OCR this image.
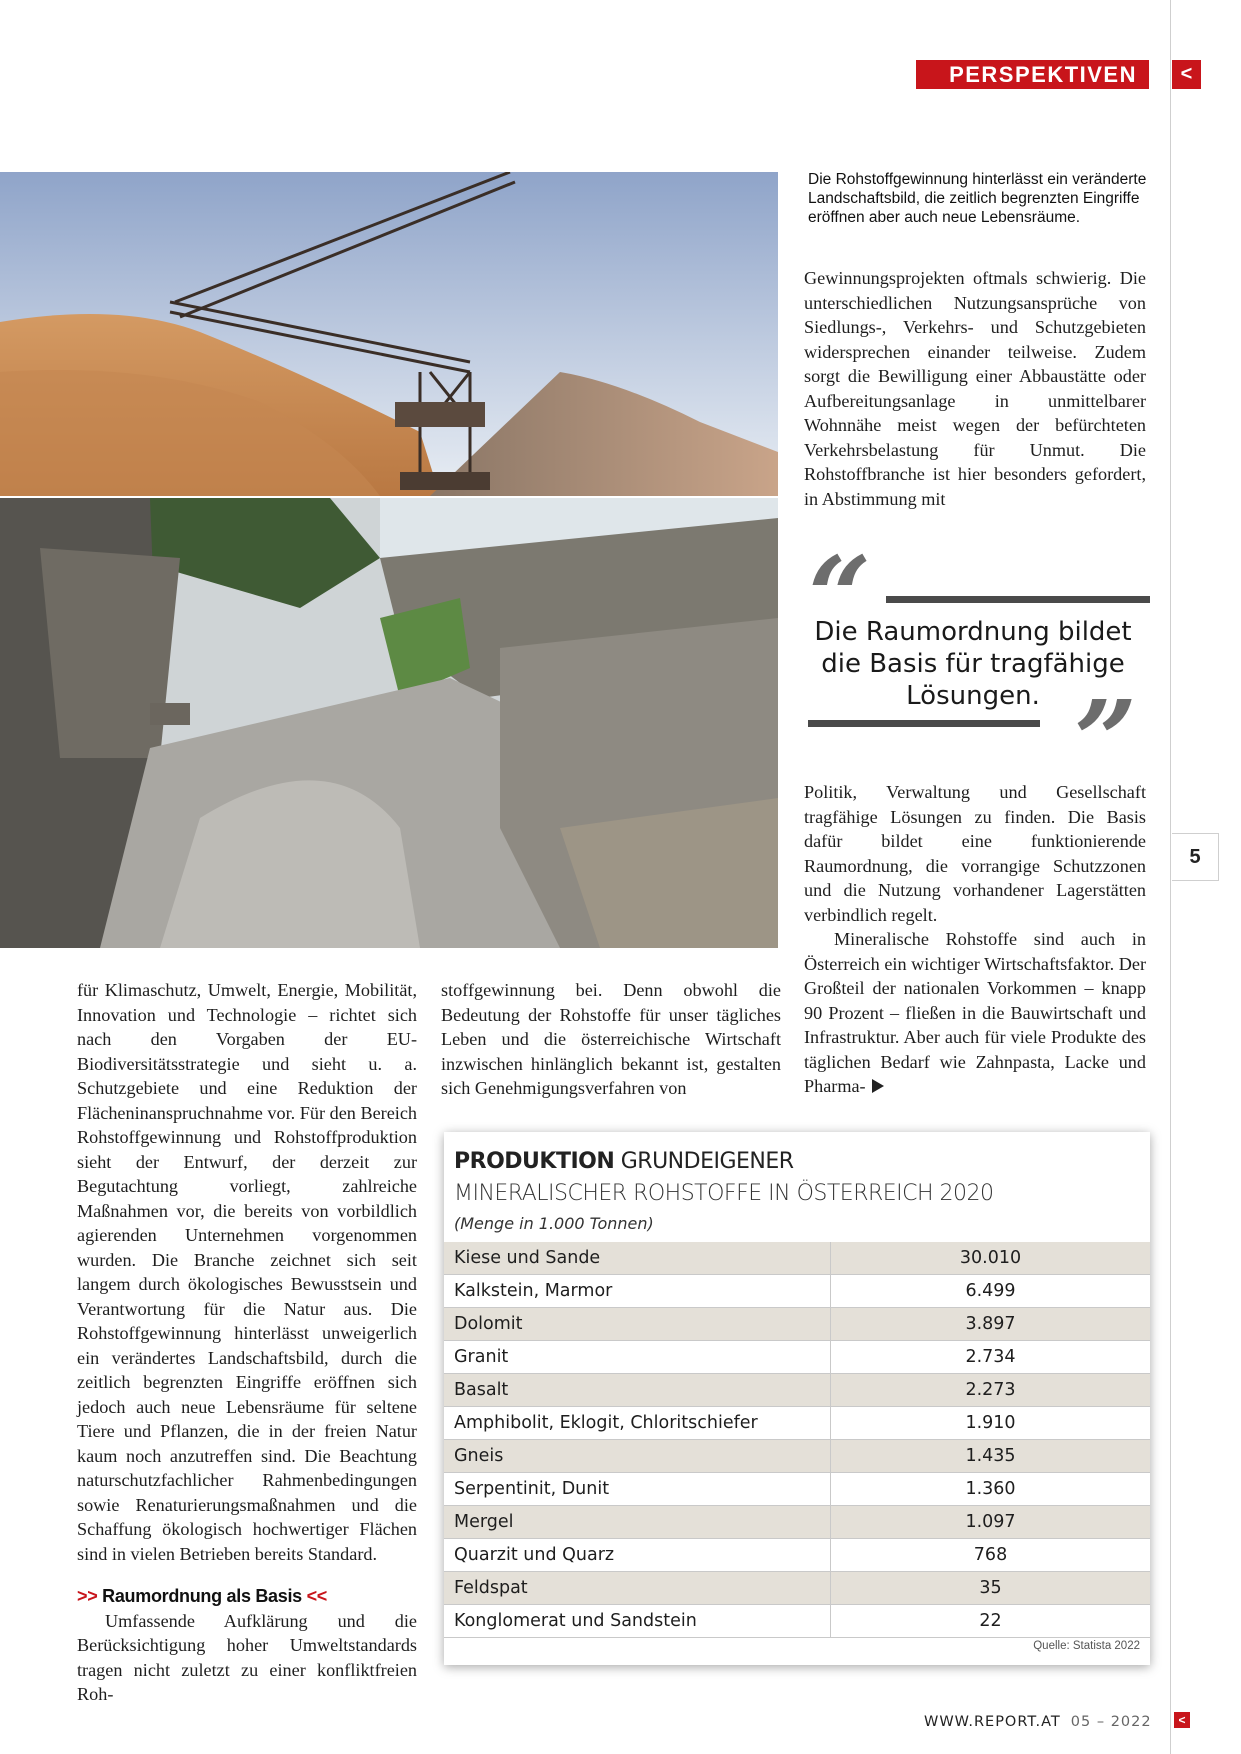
PERSPEKTIVEN	<
Die Rohstoffgewinnung hinterlässt ein veränderte Landschaftsbild, die zeitlich begrenzten Eingriffe eröffnen aber auch neue Lebensräume.
Gewinnungsprojekten oftmals schwierig. Die unterschiedlichen Nutzungsansprüche von Siedlungs-, Verkehrs- und Schutzgebieten widersprechen einander teilweise. Zudem sorgt die Bewilligung einer Abbaustätte oder Aufbereitungsanlage in unmittelbarer Wohnnähe meist wegen der befürchteten Verkehrsbelastung für Unmut. Die Rohstoffbranche ist hier besonders gefordert, in Abstimmung mit
“
Die Raumordnung bildet die Basis für tragfähige Lösungen. ”
Politik, Verwaltung und Gesellschaft tragfähige Lösungen zu finden. Die Basis dafür bildet eine funktionierende Raumordnung, die vorrangige Schutzzonen und die Nutzung vorhandener Lagerstätten verbindlich regelt.
Mineralische Rohstoffe sind auch in Österreich ein wichtiger Wirtschaftsfaktor. Der Großteil der nationalen Vorkommen – knapp 90 Prozent – fließen in die Bauwirtschaft und Infrastruktur. Aber auch für viele Produkte des täglichen Bedarf wie Zahnpasta, Lacke und Pharma-
für Klimaschutz, Umwelt, Energie, Mobilität, Innovation und Technologie – richtet sich nach den Vorgaben der EU-Biodiversitätsstrategie und sieht u. a. Schutzgebiete und eine Reduktion der Flächeninanspruchnahme vor. Für den Bereich Rohstoffgewinnung und Rohstoffproduktion sieht der Entwurf, der derzeit zur Begutachtung vorliegt, zahlreiche Maßnahmen vor, die bereits von vorbildlich agierenden Unternehmen vorgenommen wurden. Die Branche zeichnet sich seit langem durch ökologisches Bewusstsein und Verantwortung für die Natur aus. Die Rohstoffgewinnung hinterlässt unweigerlich ein verändertes Landschaftsbild, durch die zeitlich begrenzten Eingriffe eröffnen sich jedoch auch neue Lebensräume für seltene Tiere und Pflanzen, die in der freien Natur kaum noch anzutreffen sind. Die Beachtung naturschutzfachlicher Rahmenbedingungen sowie Renaturierungsmaßnahmen und die Schaffung ökologisch hochwertiger Flächen sind in vielen Betrieben bereits Standard.
>> Raumordnung als Basis <<
Umfassende Aufklärung und die Berücksichtigung hoher Umweltstandards tragen nicht zuletzt zu einer konfliktfreien Roh-
stoffgewinnung bei. Denn obwohl die Bedeutung der Rohstoffe für unser tägliches Leben und die österreichische Wirtschaft inzwischen hinlänglich bekannt ist, gestalten sich Genehmigungsverfahren von
PRODUKTION GRUNDEIGENER
MINERALISCHER ROHSTOFFE IN ÖSTERREICH 2020
(Menge in 1.000 Tonnen)
Kiese und Sande	30.010
Kalkstein, Marmor	6.499
Dolomit	3.897
Granit	2.734
Basalt	2.273
Amphibolit, Eklogit, Chloritschiefer	1.910
Gneis	1.435
Serpentinit, Dunit	1.360
Mergel	1.097
Quarzit und Quarz	768
Feldspat	35
Konglomerat und Sandstein	22
Quelle: Statista 2022
5
WWW.REPORT.AT 05 – 2022	<
